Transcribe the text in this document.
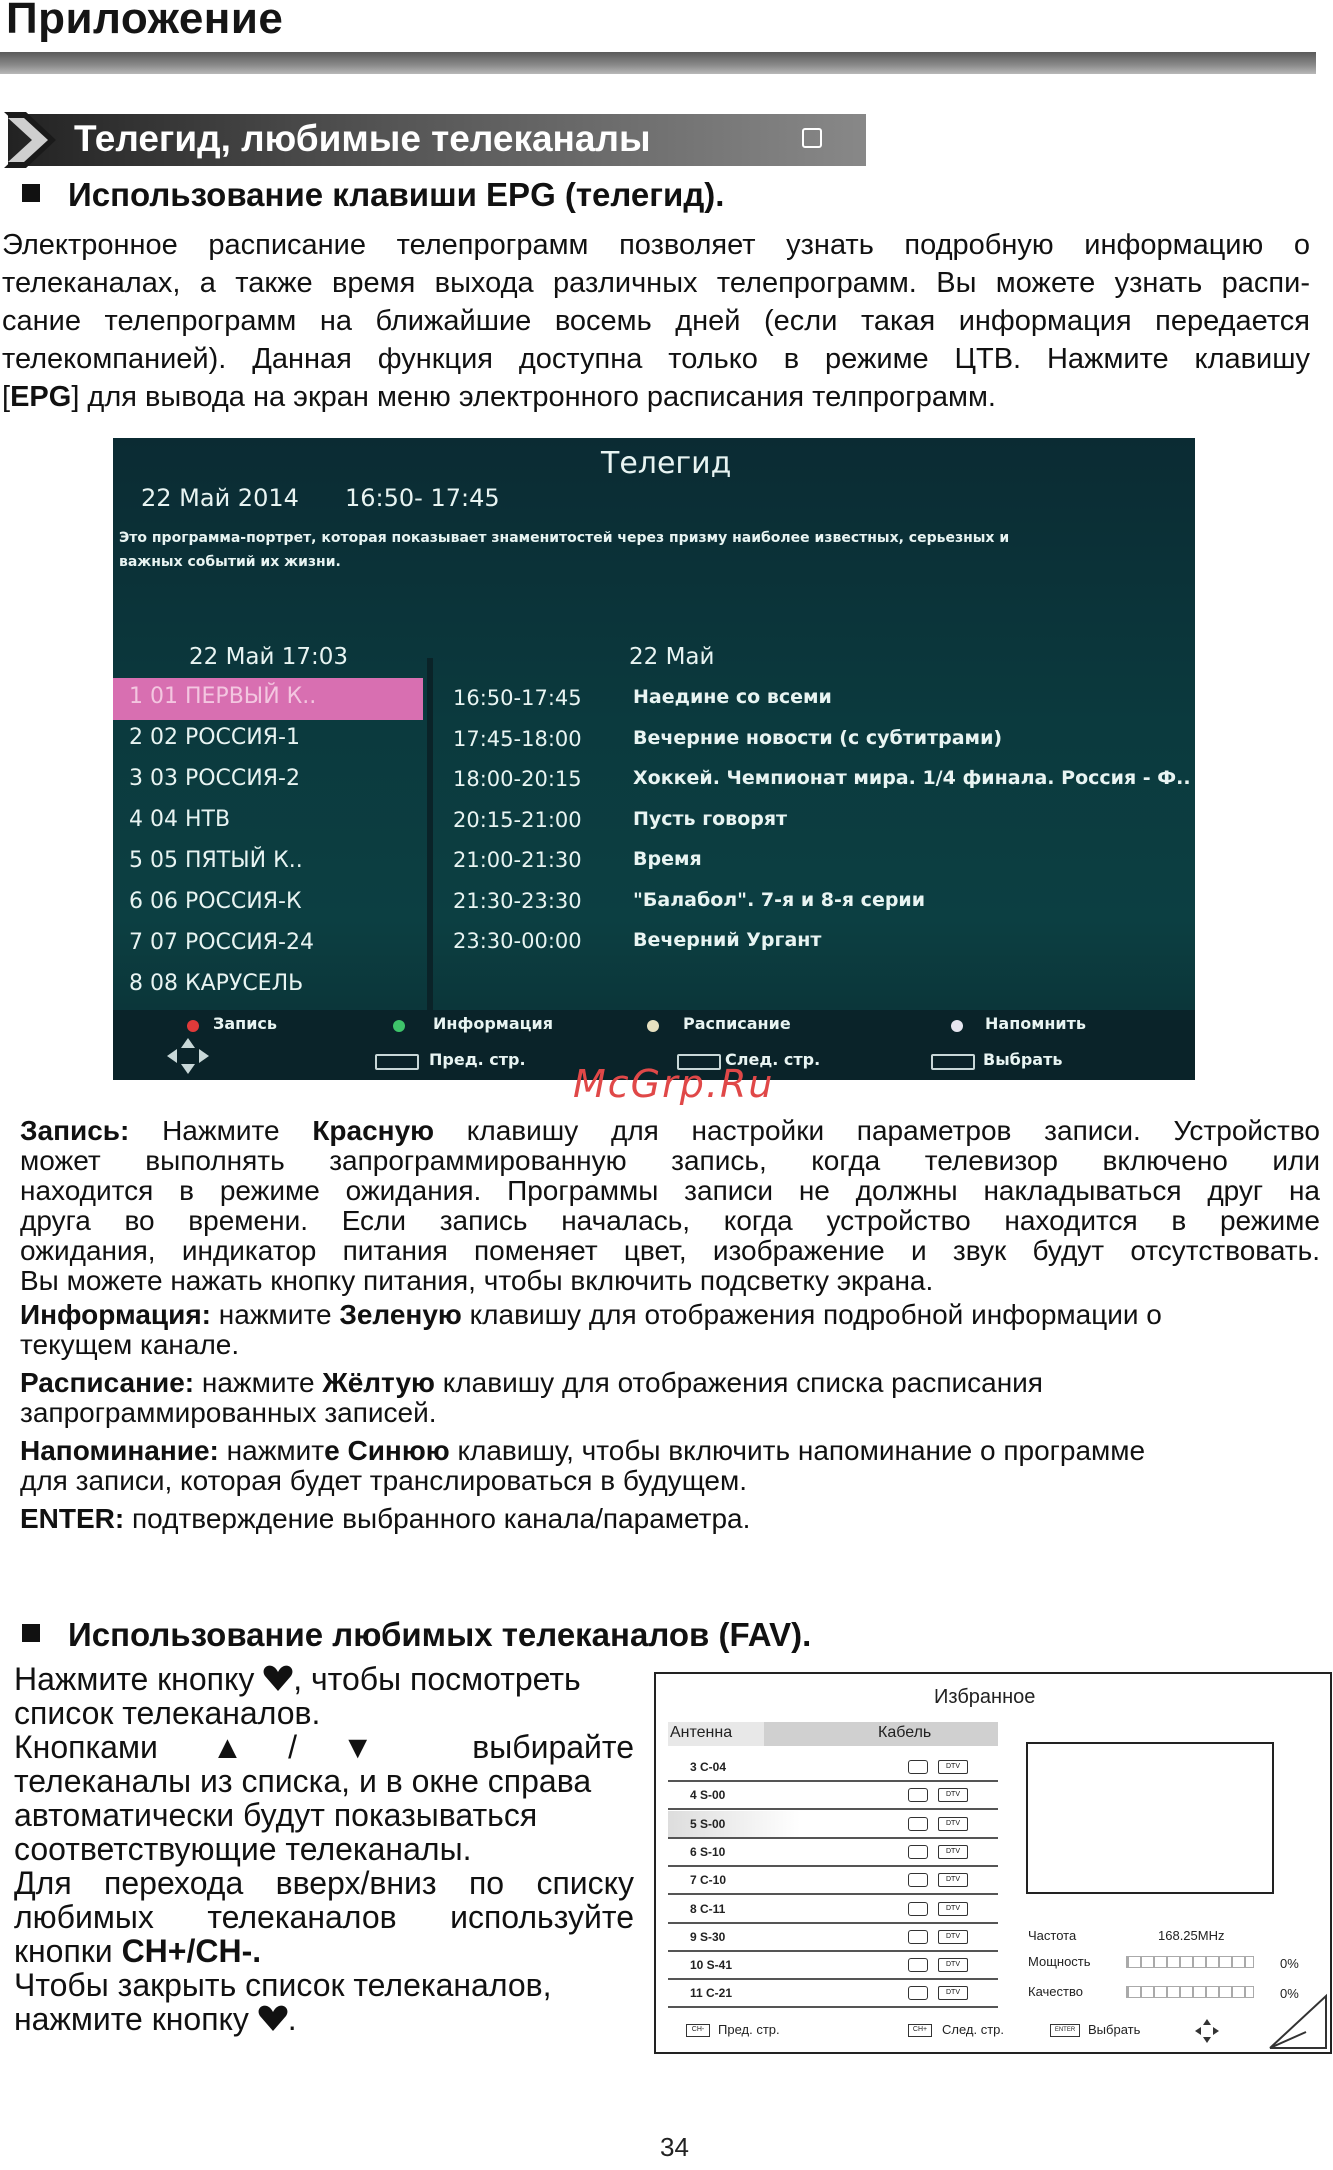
Приложение
Телегид, любимые телеканалы
Использование клавиши EPG (телегид).
Электронное расписание телепрограмм позволяет узнать подробную информацию о
телеканалах, а также время выхода различных телепрограмм. Вы можете узнать распи-
сание телепрограмм на ближайшие восемь дней (если такая информация передается
телекомпанией). Данная функция доступна только в режиме ЦТВ. Нажмите клавишу
[EPG] для вывода на экран меню электронного расписания телпрограмм.
Телегид
22 Май 2014 16:50- 17:45
Это программа-портрет, которая показывает знаменитостей через призму наиболее известных, серьезных и
важных событий их жизни.
22 Май 17:03	22 Май
1 01 ПЕРВЫЙ К..
2 02 РОССИЯ-1
3 03 РОССИЯ-2
4 04 НТВ
5 05 ПЯТЫЙ К..
6 06 РОССИЯ-К
7 07 РОССИЯ-24
8 08 КАРУСЕЛЬ
16:50-17:45	Наедине со всеми
17:45-18:00	Вечерние новости (с субтитрами)
18:00-20:15	Хоккей. Чемпионат мира. 1/4 финала. Россия - Ф..
20:15-21:00	Пусть говорят
21:00-21:30	Время
21:30-23:30	"Балабол". 7-я и 8-я серии
23:30-00:00	Вечерний Ургант
Запись	Информация	Расписание	Напомнить
Пред. стр.	След. стр.	Выбрать
McGrp.Ru
Запись: Нажмите Красную клавишу для настройки параметров записи. Устройство
может выполнять запрограммированную запись, когда телевизор включено или
находится в режиме ожидания. Программы записи не должны накладываться друг на
друга во времени. Если запись началась, когда устройство находится в режиме
ожидания, индикатор питания поменяет цвет, изображение и звук будут отсутствовать.
Вы можете нажать кнопку питания, чтобы включить подсветку экрана.
Информация: нажмите Зеленую клавишу для отображения подробной информации о
текущем канале.
Расписание: нажмите Жёлтую клавишу для отображения списка расписания
запрограммированных записей.
Напоминание: нажмите Синюю клавишу, чтобы включить напоминание о программе
для записи, которая будет транслироваться в будущем.
ENTER: подтверждение выбранного канала/параметра.
Использование любимых телеканалов (FAV).
Нажмите кнопку , чтобы посмотреть
список телеканалов.
Кнопками ▲/▼ выбирайте
телеканалы из списка, и в окне справа
автоматически будут показываться
соответствующие телеканалы.
Для перехода вверх/вниз по списку
любимых телеканалов используйте
кнопки CH+/CH-.
Чтобы закрыть список телеканалов,
нажмите кнопку .
Избранное
Антенна	Кабель
3 C-04	DTV
4 S-00	DTV
5 S-00	DTV
6 S-10	DTV
7 C-10	DTV
8 C-11	DTV
9 S-30	DTV
10 S-41	DTV
11 C-21	DTV
Частота	168.25MHz
Мощность	0%
Качество	0%
CH-	Пред. стр.	CH+	След. стр.	ENTER Выбрать
34
